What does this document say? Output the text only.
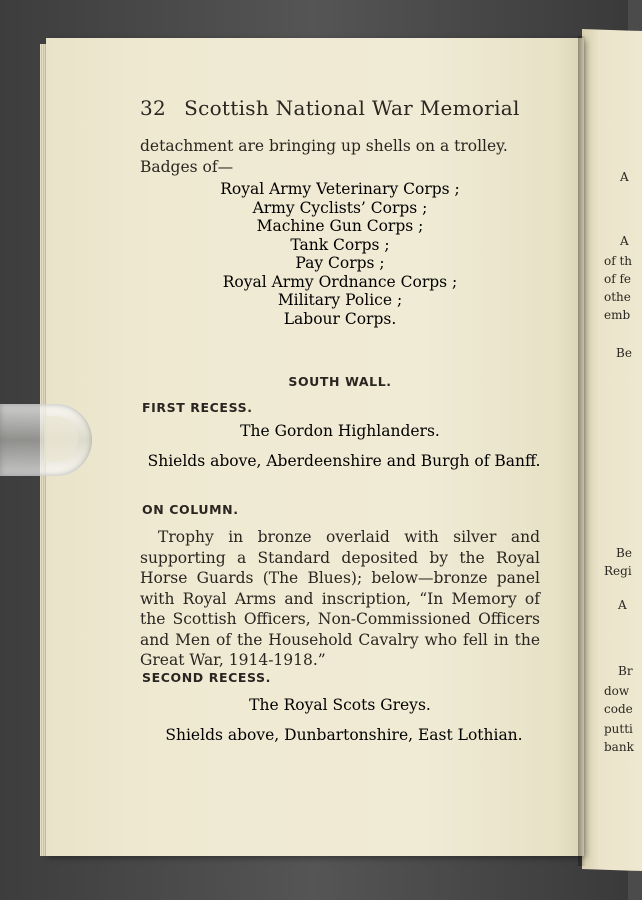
32 Scottish National War Memorial
detachment are bringing up shells on a trolley. Badges of—
Royal Army Veterinary Corps ;
Army Cyclists’ Corps ;
Machine Gun Corps ;
Tank Corps ;
Pay Corps ;
Royal Army Ordnance Corps ;
Military Police ;
Labour Corps.
SOUTH WALL.
FIRST RECESS.
The Gordon Highlanders.
Shields above, Aberdeenshire and Burgh of Banff.
ON COLUMN.
Trophy in bronze overlaid with silver and supporting a Standard deposited by the Royal Horse Guards (The Blues); below—bronze panel with Royal Arms and inscription, “In Memory of the Scottish Officers, Non-Commissioned Officers and Men of the Household Cavalry who fell in the Great War, 1914-1918.”
SECOND RECESS.
The Royal Scots Greys.
Shields above, Dunbartonshire, East Lothian.
A
A
of th
of fe
othe
emb
Be
Be
Regi
A
Br
dow
code
putti
bank
